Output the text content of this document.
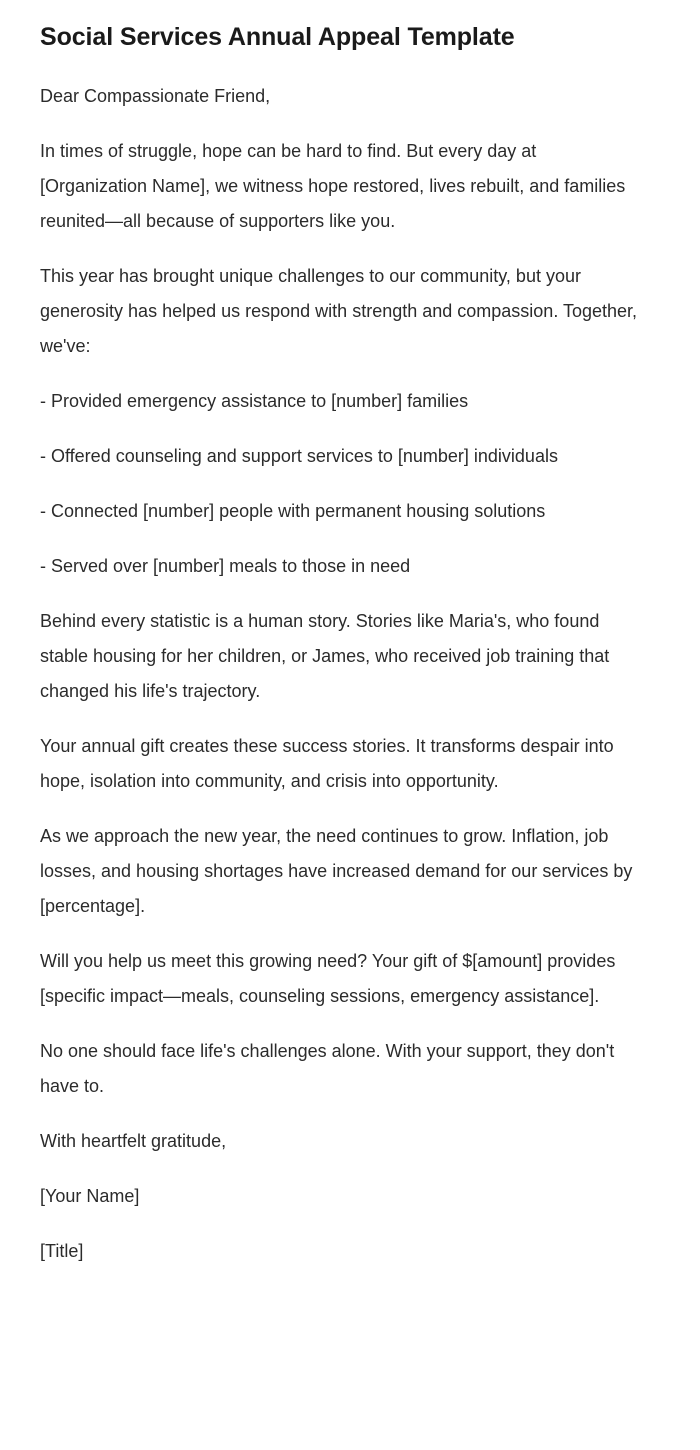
Social Services Annual Appeal Template

Dear Compassionate Friend,

In times of struggle, hope can be hard to find. But every day at [Organization Name], we witness hope restored, lives rebuilt, and families reunited—all because of supporters like you.

This year has brought unique challenges to our community, but your generosity has helped us respond with strength and compassion. Together, we've:

- Provided emergency assistance to [number] families

- Offered counseling and support services to [number] individuals

- Connected [number] people with permanent housing solutions

- Served over [number] meals to those in need

Behind every statistic is a human story. Stories like Maria's, who found stable housing for her children, or James, who received job training that changed his life's trajectory.

Your annual gift creates these success stories. It transforms despair into hope, isolation into community, and crisis into opportunity.

As we approach the new year, the need continues to grow. Inflation, job losses, and housing shortages have increased demand for our services by [percentage].

Will you help us meet this growing need? Your gift of $[amount] provides [specific impact—meals, counseling sessions, emergency assistance].

No one should face life's challenges alone. With your support, they don't have to.

With heartfelt gratitude,

[Your Name]

[Title]
